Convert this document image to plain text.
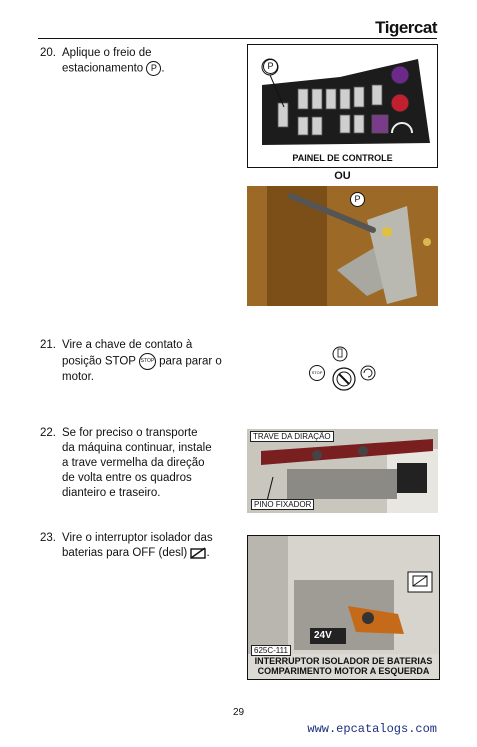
Tigercat
20. Aplique o freio de
estacionamento P .	P
PAINEL DE CONTROLE
OU
P
21. Vire a chave de contato à
posição STOP STOP para parar o
motor.	STOP
22. Se for preciso o transporte
da máquina continuar, instale
a trave vermelha da direção
de volta entre os quadros
dianteiro e traseiro.
TRAVE DA DIRAÇÃO
PINO FIXADOR
23. Vire o interruptor isolador das
baterias para OFF (desl) .
625C-111
24V
INTERRUPTOR ISOLADOR DE BATERIAS
COMPARIMENTO MOTOR A ESQUERDA
29
www.epcatalogs.com
